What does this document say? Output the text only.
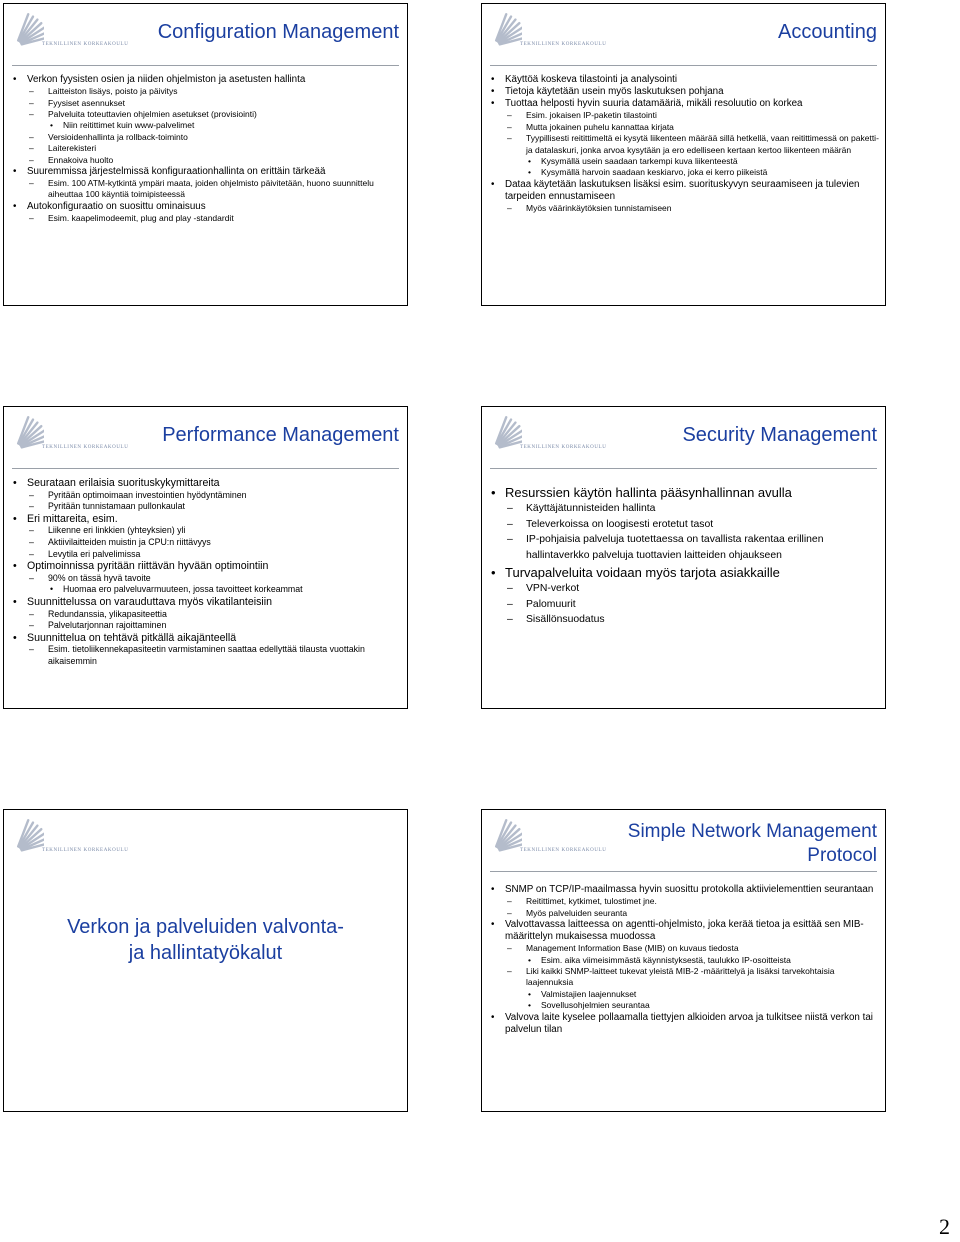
TEKNILLINEN KORKEAKOULU
Configuration Management
• Verkon fyysisten osien ja niiden ohjelmiston ja asetusten hallinta
– Laitteiston lisäys, poisto ja päivitys
– Fyysiset asennukset
– Palveluita toteuttavien ohjelmien asetukset (provisiointi)
• Niin reitittimet kuin www-palvelimet
– Versioidenhallinta ja rollback-toiminto
– Laiterekisteri
– Ennakoiva huolto
• Suuremmissa järjestelmissä konfiguraationhallinta on erittäin tärkeää
– Esim. 100 ATM-kytkintä ympäri maata, joiden ohjelmisto päivitetään, huono suunnittelu aiheuttaa 100 käyntiä toimipisteessä
• Autokonfiguraatio on suosittu ominaisuus
– Esim. kaapelimodeemit, plug and play -standardit
TEKNILLINEN KORKEAKOULU
Accounting
• Käyttöä koskeva tilastointi ja analysointi
• Tietoja käytetään usein myös laskutuksen pohjana
• Tuottaa helposti hyvin suuria datamääriä, mikäli resoluutio on korkea
– Esim. jokaisen IP-paketin tilastointi
– Mutta jokainen puhelu kannattaa kirjata
– Tyypillisesti reitittimeltä ei kysytä liikenteen määrää sillä hetkellä, vaan reitittimessä on paketti- ja datalaskuri, jonka arvoa kysytään ja ero edelliseen kertaan kertoo liikenteen määrän
• Kysymällä usein saadaan tarkempi kuva liikenteestä
• Kysymällä harvoin saadaan keskiarvo, joka ei kerro piikeistä
• Dataa käytetään laskutuksen lisäksi esim. suorituskyvyn seuraamiseen ja tulevien tarpeiden ennustamiseen
– Myös väärinkäytöksien tunnistamiseen
TEKNILLINEN KORKEAKOULU
Performance Management
• Seurataan erilaisia suorituskykymittareita
– Pyritään optimoimaan investointien hyödyntäminen
– Pyritään tunnistamaan pullonkaulat
• Eri mittareita, esim.
– Liikenne eri linkkien (yhteyksien) yli
– Aktiivilaitteiden muistin ja CPU:n riittävyys
– Levytila eri palvelimissa
• Optimoinnissa pyritään riittävän hyvään optimointiin
– 90% on tässä hyvä tavoite
• Huomaa ero palveluvarmuuteen, jossa tavoitteet korkeammat
• Suunnittelussa on varauduttava myös vikatilanteisiin
– Redundanssia, ylikapasiteettia
– Palvelutarjonnan rajoittaminen
• Suunnittelua on tehtävä pitkällä aikajänteellä
– Esim. tietoliikennekapasiteetin varmistaminen saattaa edellyttää tilausta vuottakin aikaisemmin
TEKNILLINEN KORKEAKOULU
Security Management
• Resurssien käytön hallinta pääsynhallinnan avulla
– Käyttäjätunnisteiden hallinta
– Televerkoissa on loogisesti erotetut tasot
– IP-pohjaisia palveluja tuotettaessa on tavallista rakentaa erillinen hallintaverkko palveluja tuottavien laitteiden ohjaukseen
• Turvapalveluita voidaan myös tarjota asiakkaille
– VPN-verkot
– Palomuurit
– Sisällönsuodatus
TEKNILLINEN KORKEAKOULU
Verkon ja palveluiden valvonta-
ja hallintatyökalut
TEKNILLINEN KORKEAKOULU
Simple Network Management
Protocol
• SNMP on TCP/IP-maailmassa hyvin suosittu protokolla aktiivielementtien seurantaan
– Reitittimet, kytkimet, tulostimet jne.
– Myös palveluiden seuranta
• Valvottavassa laitteessa on agentti-ohjelmisto, joka kerää tietoa ja esittää sen MIB-määrittelyn mukaisessa muodossa
– Management Information Base (MIB) on kuvaus tiedosta
• Esim. aika viimeisimmästä käynnistyksestä, taulukko IP-osoitteista
– Liki kaikki SNMP-laitteet tukevat yleistä MIB-2 -määrittelyä ja lisäksi tarvekohtaisia laajennuksia
• Valmistajien laajennukset
• Sovellusohjelmien seurantaa
• Valvova laite kyselee pollaamalla tiettyjen alkioiden arvoa ja tulkitsee niistä verkon tai palvelun tilan
2
